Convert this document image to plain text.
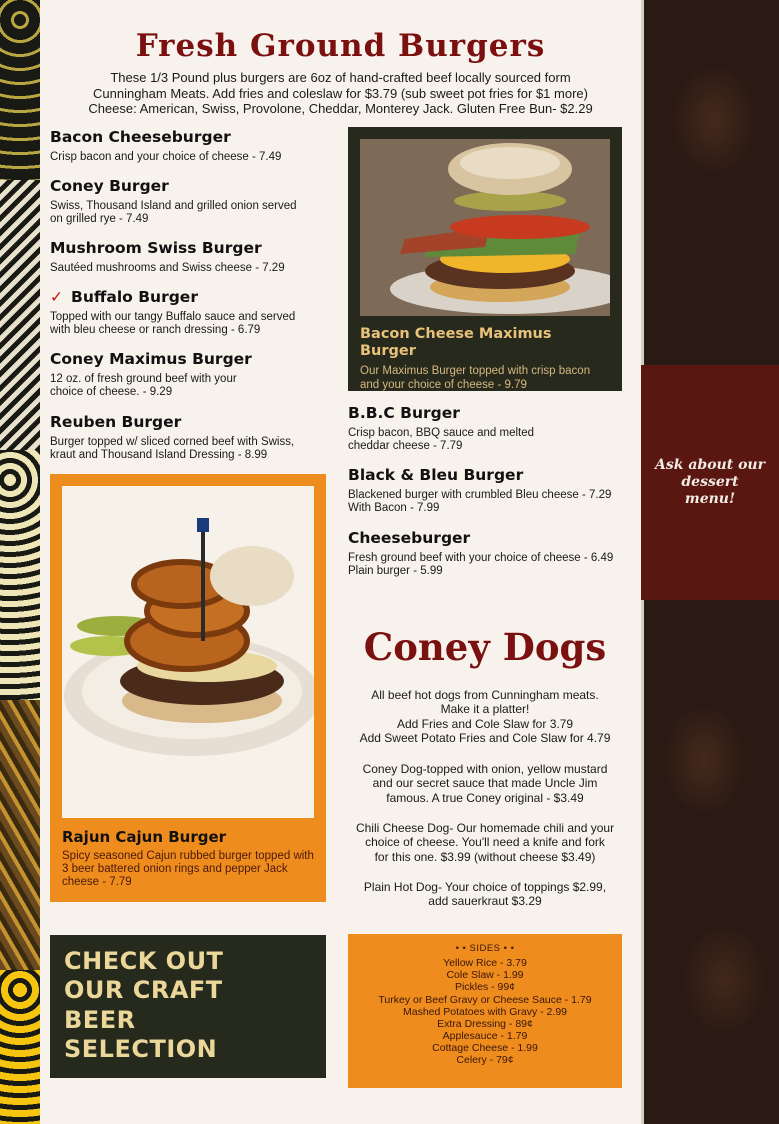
Ask about our dessert menu!
Fresh Ground Burgers
These 1/3 Pound plus burgers are 6oz of hand-crafted beef locally sourced form
Cunningham Meats. Add fries and coleslaw for $3.79 (sub sweet pot fries for $1 more)
Cheese: American, Swiss, Provolone, Cheddar, Monterey Jack. Gluten Free Bun- $2.29
Bacon Cheeseburger
Crisp bacon and your choice of cheese - 7.49
Coney Burger
Swiss, Thousand Island and grilled onion served on grilled rye - 7.49
Mushroom Swiss Burger
Sautéed mushrooms and Swiss cheese - 7.29
✓ Buffalo Burger
Topped with our tangy Buffalo sauce and served with bleu cheese or ranch dressing - 6.79
Coney Maximus Burger
12 oz. of fresh ground beef with your choice of cheese. - 9.29
Reuben Burger
Burger topped w/ sliced corned beef with Swiss, kraut and Thousand Island Dressing - 8.99
Bacon Cheese Maximus
Burger
Our Maximus Burger topped with crisp bacon and your choice of cheese - 9.79
B.B.C Burger
Crisp bacon, BBQ sauce and melted cheddar cheese - 7.79
Black & Bleu Burger
Blackened burger with crumbled Bleu cheese - 7.29
With Bacon - 7.99
Cheeseburger
Fresh ground beef with your choice of cheese - 6.49
Plain burger - 5.99
Rajun Cajun Burger
Spicy seasoned Cajun rubbed burger topped with 3 beer battered onion rings and pepper Jack cheese - 7.79
CHECK OUT
OUR CRAFT
BEER
SELECTION
Coney Dogs
All beef hot dogs from Cunningham meats.
Make it a platter!
Add Fries and Cole Slaw for 3.79
Add Sweet Potato Fries and Cole Slaw for 4.79
Coney Dog-topped with onion, yellow mustard
and our secret sauce that made Uncle Jim
famous. A true Coney original - $3.49
Chili Cheese Dog- Our homemade chili and your
choice of cheese. You'll need a knife and fork
for this one. $3.99 (without cheese $3.49)
Plain Hot Dog- Your choice of toppings $2.99,
add sauerkraut $3.29
• • SIDES • •
Yellow Rice - 3.79
Cole Slaw - 1.99
Pickles - 99¢
Turkey or Beef Gravy or Cheese Sauce - 1.79
Mashed Potatoes with Gravy - 2.99
Extra Dressing - 89¢
Applesauce - 1.79
Cottage Cheese - 1.99
Celery - 79¢
